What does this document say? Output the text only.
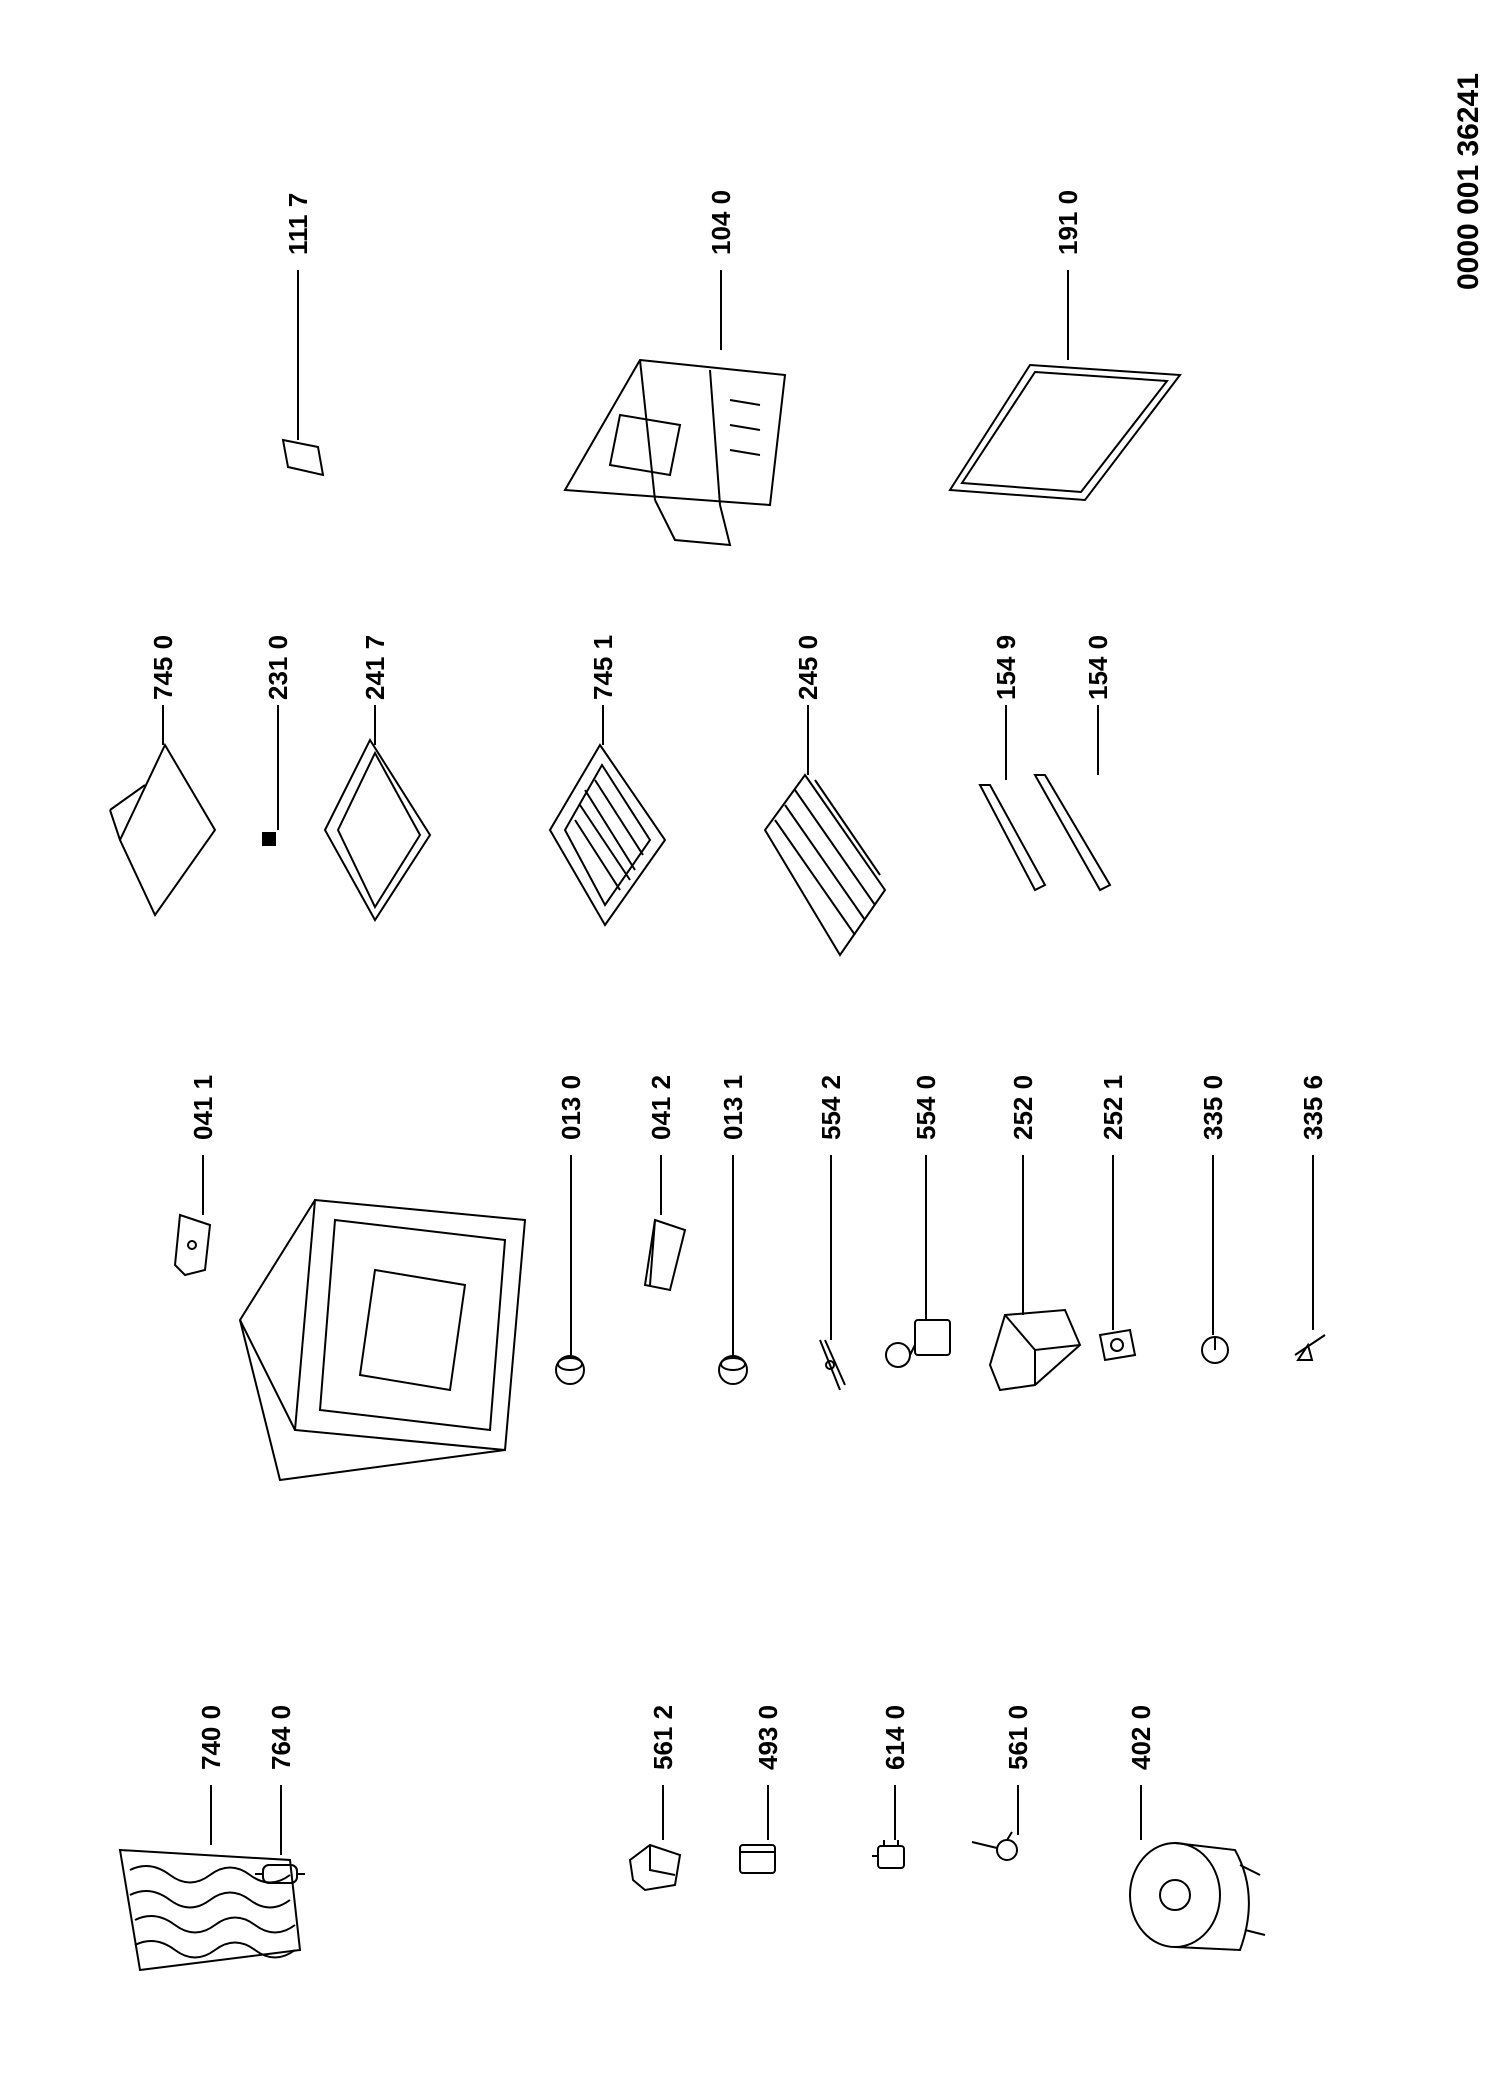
0000 001 36241
740 0 764 0	561 2	493 0	614 0	561 0	402 0
041 1	013 0 041 2 013 1	554 2	554 0	252 0 252 1	335 0	335 6
745 0	231 0	241 7	745 1	245 0	154 9 154 0
111 7	104 0	191 0
